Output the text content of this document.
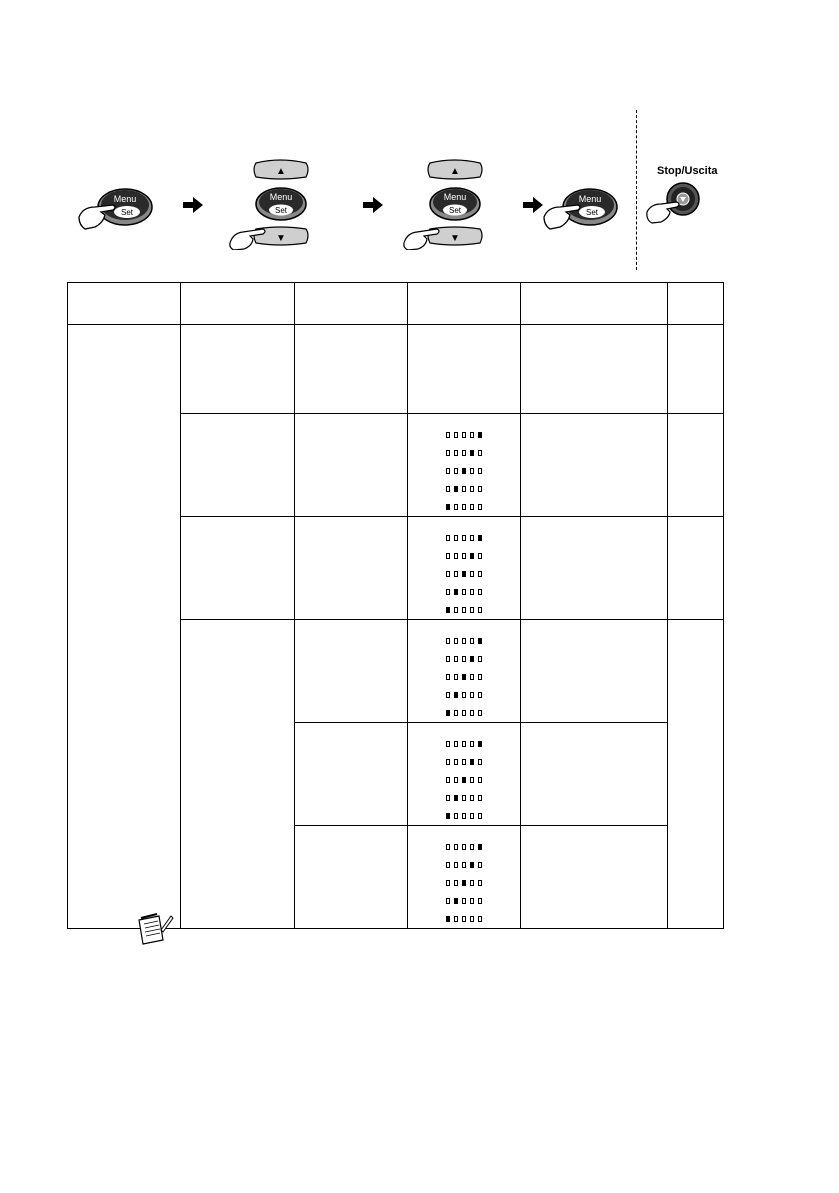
Menu
Set
▲
Menu
Set
▼
▲
Menu
Set
▼
Menu
Set
Stop/Uscita
